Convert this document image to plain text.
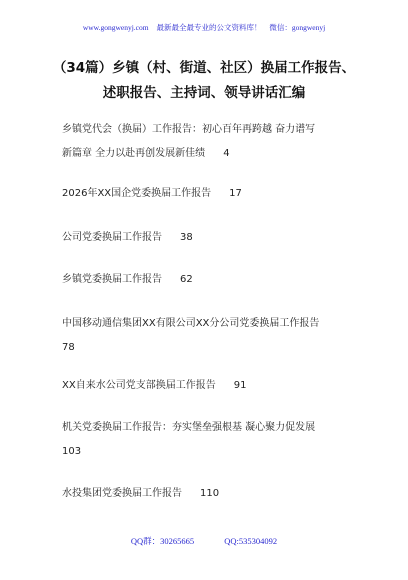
www.gongwenyj.com 最新最全最专业的公文资料库！ 微信：gongwenyj
（34篇）乡镇（村、街道、社区）换届工作报告、
述职报告、主持词、领导讲话汇编
乡镇党代会（换届）工作报告：初心百年再跨越 奋力谱写
新篇章 全力以赴再创发展新佳绩 4
2026年XX国企党委换届工作报告 17
公司党委换届工作报告 38
乡镇党委换届工作报告 62
中国移动通信集团XX有限公司XX分公司党委换届工作报告
78
XX自来水公司党支部换届工作报告 91
机关党委换届工作报告：夯实堡垒强根基 凝心聚力促发展
103
水投集团党委换届工作报告 110
QQ群：30265665	QQ:535304092
